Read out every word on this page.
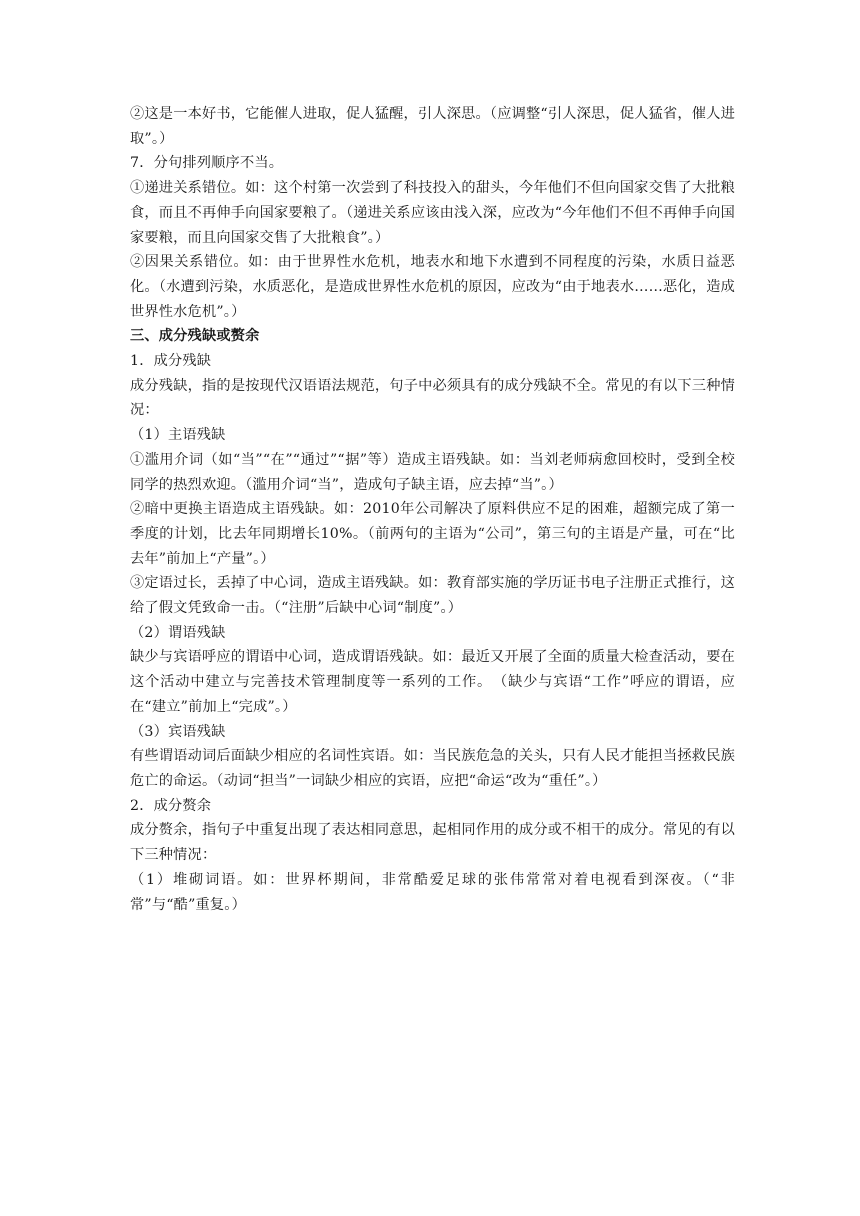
②这是一本好书，它能催人进取，促人猛醒，引人深思。（应调整“引人深思，促人猛省，催人进取”。）

7．分句排列顺序不当。

①递进关系错位。如：这个村第一次尝到了科技投入的甜头，今年他们不但向国家交售了大批粮食，而且不再伸手向国家要粮了。（递进关系应该由浅入深，应改为“今年他们不但不再伸手向国家要粮，而且向国家交售了大批粮食”。）

②因果关系错位。如：由于世界性水危机，地表水和地下水遭到不同程度的污染，水质日益恶化。（水遭到污染，水质恶化，是造成世界性水危机的原因，应改为“由于地表水……恶化，造成世界性水危机”。）

三、成分残缺或赘余

1．成分残缺

成分残缺，指的是按现代汉语语法规范，句子中必须具有的成分残缺不全。常见的有以下三种情况：

（1）主语残缺

①滥用介词（如“当”“在”“通过”“据”等）造成主语残缺。如：当刘老师病愈回校时，受到全校同学的热烈欢迎。（滥用介词“当”，造成句子缺主语，应去掉“当”。）

②暗中更换主语造成主语残缺。如：2010年公司解决了原料供应不足的困难，超额完成了第一季度的计划，比去年同期增长10%。（前两句的主语为“公司”，第三句的主语是产量，可在“比去年”前加上“产量”。）

③定语过长，丢掉了中心词，造成主语残缺。如：教育部实施的学历证书电子注册正式推行，这给了假文凭致命一击。（“注册”后缺中心词“制度”。）

（2）谓语残缺

缺少与宾语呼应的谓语中心词，造成谓语残缺。如：最近又开展了全面的质量大检查活动，要在这个活动中建立与完善技术管理制度等一系列的工作。　（缺少与宾语“工作”呼应的谓语，应在“建立”前加上“完成”。）

（3）宾语残缺

有些谓语动词后面缺少相应的名词性宾语。如：当民族危急的关头，只有人民才能担当拯救民族危亡的命运。（动词“担当”一词缺少相应的宾语，应把“命运“改为“重任”。）

2．成分赘余

成分赘余，指句子中重复出现了表达相同意思，起相同作用的成分或不相干的成分。常见的有以下三种情况：

（1）堆砌词语。如：世界杯期间，非常酷爱足球的张伟常常对着电视看到深夜。（“非常”与“酷”重复。）
